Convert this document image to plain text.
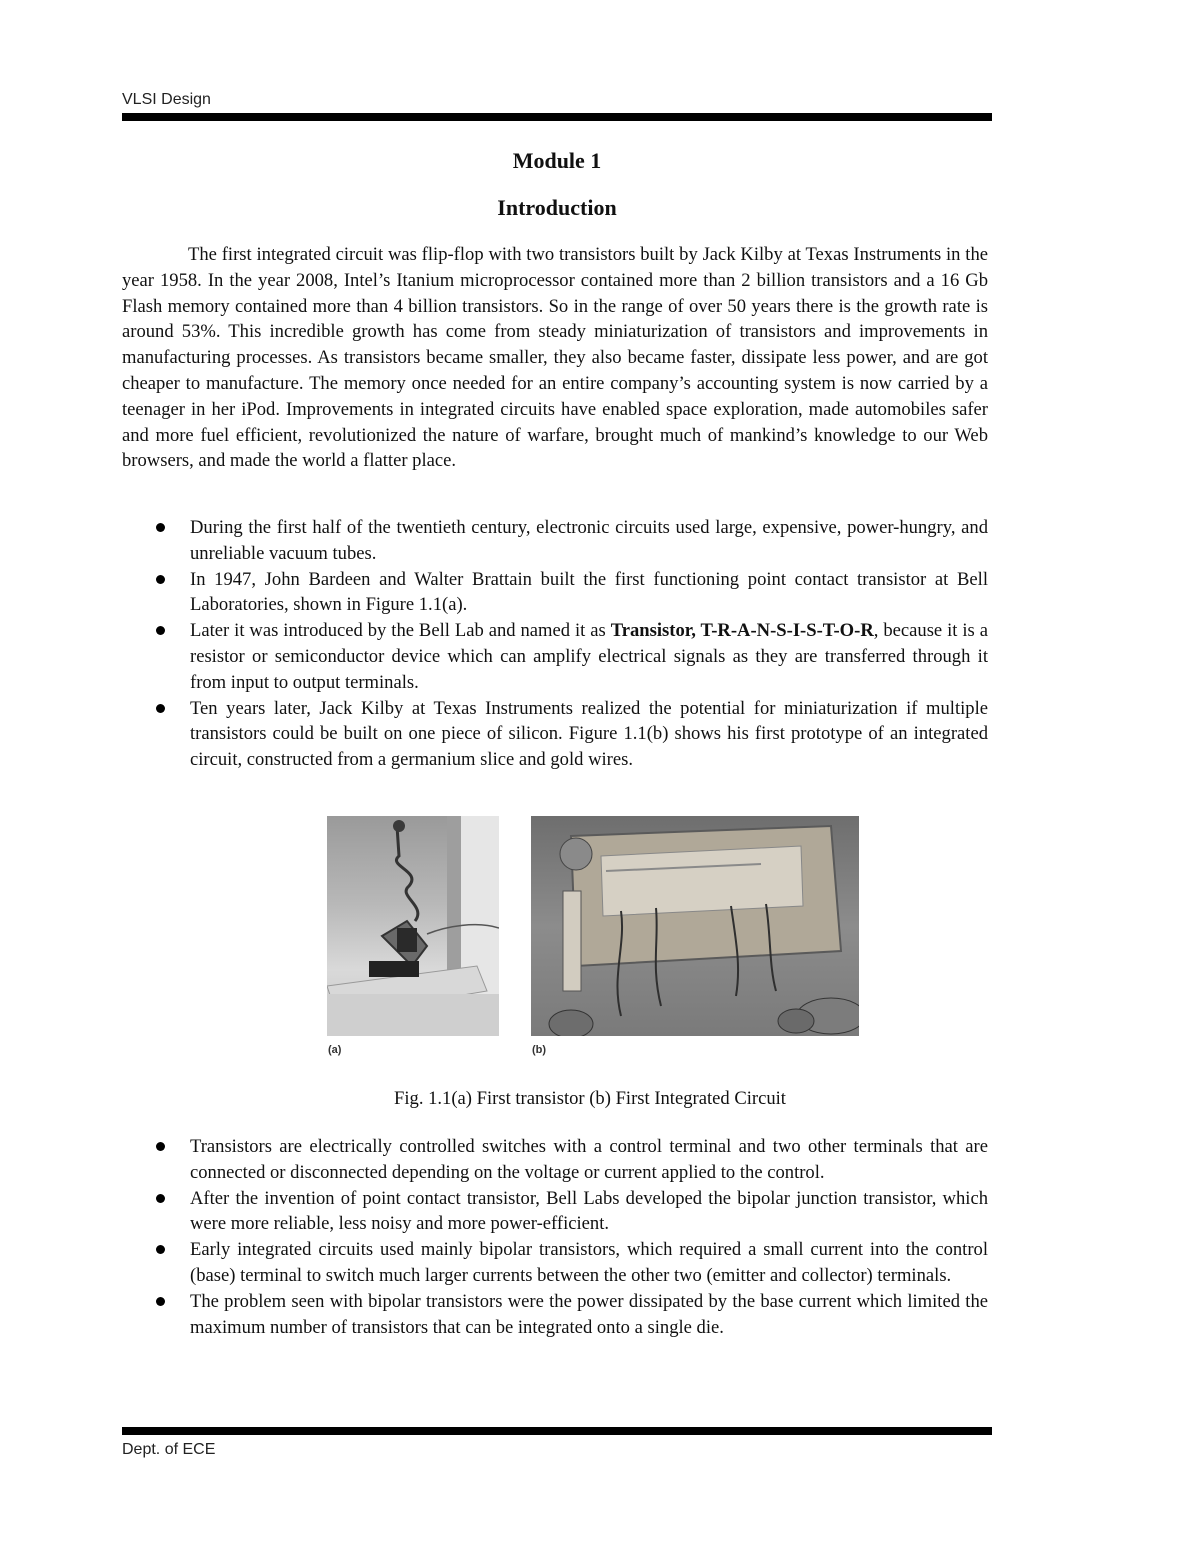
VLSI Design
Module 1
Introduction

The first integrated circuit was flip-flop with two transistors built by Jack Kilby at Texas Instruments in the year 1958. In the year 2008, Intel’s Itanium microprocessor contained more than 2 billion transistors and a 16 Gb Flash memory contained more than 4 billion transistors. So in the range of over 50 years there is the growth rate is around 53%. This incredible growth has come from steady miniaturization of transistors and improvements in manufacturing processes. As transistors became smaller, they also became faster, dissipate less power, and are got cheaper to manufacture. The memory once needed for an entire company’s accounting system is now carried by a teenager in her iPod. Improvements in integrated circuits have enabled space exploration, made automobiles safer and more fuel efficient, revolutionized the nature of warfare, brought much of mankind’s knowledge to our Web browsers, and made the world a flatter place.

During the first half of the twentieth century, electronic circuits used large, expensive, power-hungry, and unreliable vacuum tubes.
In 1947, John Bardeen and Walter Brattain built the first functioning point contact transistor at Bell Laboratories, shown in Figure 1.1(a).
Later it was introduced by the Bell Lab and named it as Transistor, T-R-A-N-S-I-S-T-O-R, because it is a resistor or semiconductor device which can amplify electrical signals as they are transferred through it from input to output terminals.
Ten years later, Jack Kilby at Texas Instruments realized the potential for miniaturization if multiple transistors could be built on one piece of silicon. Figure 1.1(b) shows his first prototype of an integrated circuit, constructed from a germanium slice and gold wires.
(a)	(b)
Fig. 1.1(a) First transistor (b) First Integrated Circuit
Transistors are electrically controlled switches with a control terminal and two other terminals that are connected or disconnected depending on the voltage or current applied to the control.
After the invention of point contact transistor, Bell Labs developed the bipolar junction transistor, which were more reliable, less noisy and more power-efficient.
Early integrated circuits used mainly bipolar transistors, which required a small current into the control (base) terminal to switch much larger currents between the other two (emitter and collector) terminals.
The problem seen with bipolar transistors were the power dissipated by the base current which limited the maximum number of transistors that can be integrated onto a single die.
Dept. of ECE
